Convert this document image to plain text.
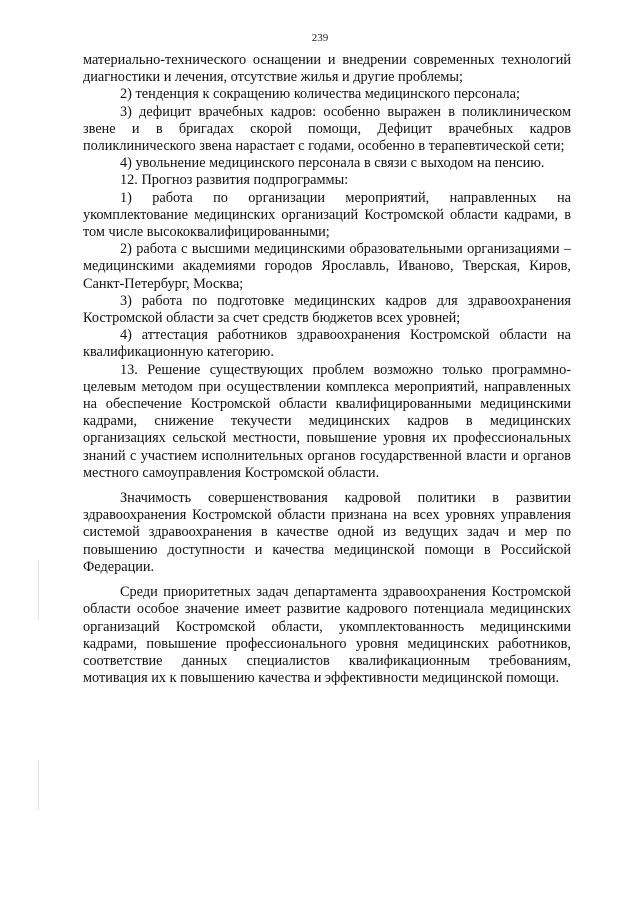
239

материально-технического оснащении и внедрении современных технологий диагностики и лечения, отсутствие жилья и другие проблемы;

2) тенденция к сокращению количества медицинского персонала;

3) дефицит врачебных кадров: особенно выражен в поликлиническом звене и в бригадах скорой помощи, Дефицит врачебных кадров поликлинического звена нарастает с годами, особенно в терапевтической сети;

4) увольнение медицинского персонала в связи с выходом на пенсию.

12. Прогноз развития подпрограммы:

1) работа по организации мероприятий, направленных на укомплектование медицинских организаций Костромской области кадрами, в том числе высококвалифицированными;

2) работа с высшими медицинскими образовательными организациями – медицинскими академиями городов Ярославль, Иваново, Тверская, Киров, Санкт-Петербург, Москва;

3) работа по подготовке медицинских кадров для здравоохранения Костромской области за счет средств бюджетов всех уровней;

4) аттестация работников здравоохранения Костромской области на квалификационную категорию.

13. Решение существующих проблем возможно только программно-целевым методом при осуществлении комплекса мероприятий, направленных на обеспечение Костромской области квалифицированными медицинскими кадрами, снижение текучести медицинских кадров в медицинских организациях сельской местности, повышение уровня их профессиональных знаний с участием исполнительных органов государственной власти и органов местного самоуправления Костромской области.

Значимость совершенствования кадровой политики в развитии здравоохранения Костромской области признана на всех уровнях управления системой здравоохранения в качестве одной из ведущих задач и мер по повышению доступности и качества медицинской помощи в Российской Федерации.

Среди приоритетных задач департамента здравоохранения Костромской области особое значение имеет развитие кадрового потенциала медицинских организаций Костромской области, укомплектованность медицинскими кадрами, повышение профессионального уровня медицинских работников, соответствие данных специалистов квалификационным требованиям, мотивация их к повышению качества и эффективности медицинской помощи.
